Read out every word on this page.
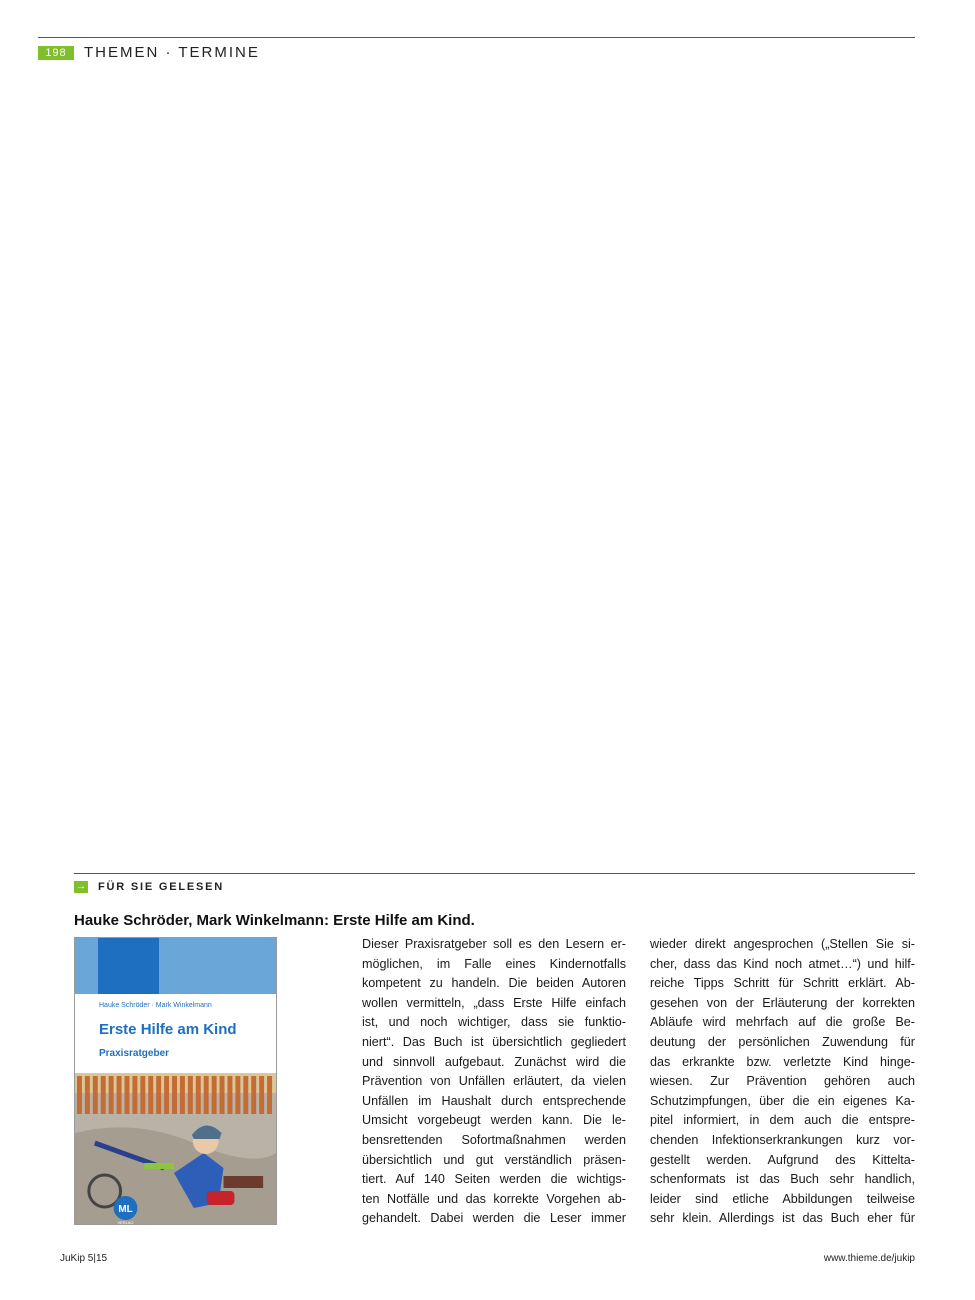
198	THEMEN · TERMINE
→ FÜR SIE GELESEN
Hauke Schröder, Mark Winkelmann: Erste Hilfe am Kind.
Hauke Schröder · Mark Winkelmann
Erste Hilfe am Kind
Praxisratgeber
ML
VERLAG
Dieser Praxisratgeber soll es den Lesern er-
möglichen, im Falle eines Kindernotfalls
kompetent zu handeln. Die beiden Autoren
wollen vermitteln, „dass Erste Hilfe einfach
ist, und noch wichtiger, dass sie funktio-
niert“. Das Buch ist übersichtlich gegliedert
und sinnvoll aufgebaut. Zunächst wird die
Prävention von Unfällen erläutert, da vielen
Unfällen im Haushalt durch entsprechende
Umsicht vorgebeugt werden kann. Die le-
bensrettenden Sofortmaßnahmen werden
übersichtlich und gut verständlich präsen-
tiert. Auf 140 Seiten werden die wichtigs-
ten Notfälle und das korrekte Vorgehen ab-
gehandelt. Dabei werden die Leser immer
wieder direkt angesprochen („Stellen Sie si-
cher, dass das Kind noch atmet…“) und hilf-
reiche Tipps Schritt für Schritt erklärt. Ab-
gesehen von der Erläuterung der korrekten
Abläufe wird mehrfach auf die große Be-
deutung der persönlichen Zuwendung für
das erkrankte bzw. verletzte Kind hinge-
wiesen. Zur Prävention gehören auch
Schutzimpfungen, über die ein eigenes Ka-
pitel informiert, in dem auch die entspre-
chenden Infektionserkrankungen kurz vor-
gestellt werden. Aufgrund des Kittelta-
schenformats ist das Buch sehr handlich,
leider sind etliche Abbildungen teilweise
sehr klein. Allerdings ist das Buch eher für
JuKip 5|15	www.thieme.de/jukip
